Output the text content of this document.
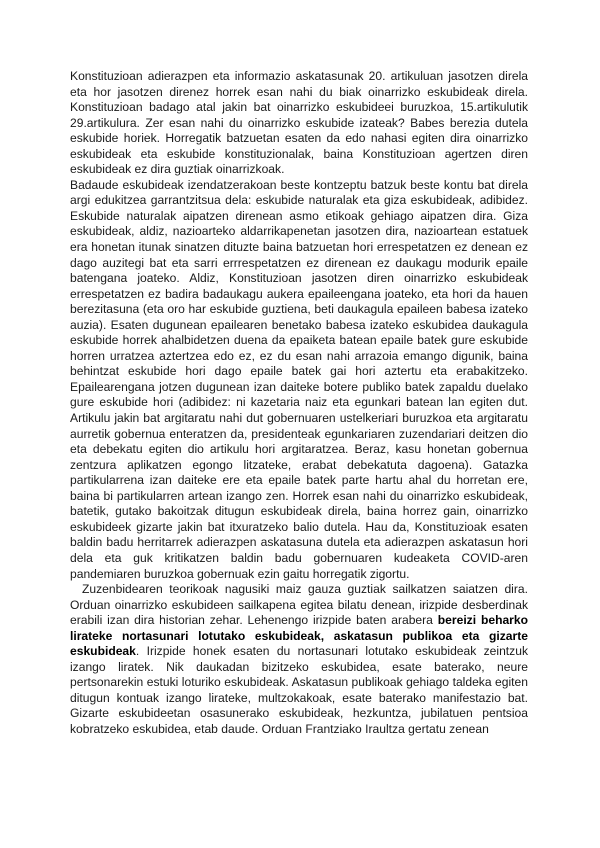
Konstituzioan adierazpen eta informazio askatasunak 20. artikuluan jasotzen direla eta hor jasotzen direnez horrek esan nahi du biak oinarrizko eskubideak direla. Konstituzioan badago atal jakin bat oinarrizko eskubideei buruzkoa, 15.artikulutik 29.artikulura. Zer esan nahi du oinarrizko eskubide izateak? Babes berezia dutela eskubide horiek. Horregatik batzuetan esaten da edo nahasi egiten dira oinarrizko eskubideak eta eskubide konstituzionalak, baina Konstituzioan agertzen diren eskubideak ez dira guztiak oinarrizkoak.

Badaude eskubideak izendatzerakoan beste kontzeptu batzuk beste kontu bat direla argi edukitzea garrantzitsua dela: eskubide naturalak eta giza eskubideak, adibidez. Eskubide naturalak aipatzen direnean asmo etikoak gehiago aipatzen dira. Giza eskubideak, aldiz, nazioarteko aldarrikapenetan jasotzen dira, nazioartean estatuek era honetan itunak sinatzen dituzte baina batzuetan hori errespetatzen ez denean ez dago auzitegi bat eta sarri errrespetatzen ez direnean ez daukagu modurik epaile batengana joateko. Aldiz, Konstituzioan jasotzen diren oinarrizko eskubideak errespetatzen ez badira badaukagu aukera epaileengana joateko, eta hori da hauen berezitasuna (eta oro har eskubide guztiena, beti daukagula epaileen babesa izateko auzia). Esaten dugunean epailearen benetako babesa izateko eskubidea daukagula eskubide horrek ahalbidetzen duena da epaiketa batean epaile batek gure eskubide horren urratzea aztertzea edo ez, ez du esan nahi arrazoia emango digunik, baina behintzat eskubide hori dago epaile batek gai hori aztertu eta erabakitzeko. Epailearengana jotzen dugunean izan daiteke botere publiko batek zapaldu duelako gure eskubide hori (adibidez: ni kazetaria naiz eta egunkari batean lan egiten dut. Artikulu jakin bat argitaratu nahi dut gobernuaren ustelkeriari buruzkoa eta argitaratu aurretik gobernua enteratzen da, presidenteak egunkariaren zuzendariari deitzen dio eta debekatu egiten dio artikulu hori argitaratzea. Beraz, kasu honetan gobernua zentzura aplikatzen egongo litzateke, erabat debekatuta dagoena). Gatazka partikularrena izan daiteke ere eta epaile batek parte hartu ahal du horretan ere, baina bi partikularren artean izango zen. Horrek esan nahi du oinarrizko eskubideak, batetik, gutako bakoitzak ditugun eskubideak direla, baina horrez gain, oinarrizko eskubideek gizarte jakin bat itxuratzeko balio dutela. Hau da, Konstituzioak esaten baldin badu herritarrek adierazpen askatasuna dutela eta adierazpen askatasun hori dela eta guk kritikatzen baldin badu gobernuaren kudeaketa COVID-aren pandemiaren buruzkoa gobernuak ezin gaitu horregatik zigortu.

Zuzenbidearen teorikoak nagusiki maiz gauza guztiak sailkatzen saiatzen dira. Orduan oinarrizko eskubideen sailkapena egitea bilatu denean, irizpide desberdinak erabili izan dira historian zehar. Lehenengo irizpide baten arabera bereizi beharko lirateke nortasunari lotutako eskubideak, askatasun publikoa eta gizarte eskubideak. Irizpide honek esaten du nortasunari lotutako eskubideak zeintzuk izango liratek. Nik daukadan bizitzeko eskubidea, esate baterako, neure pertsonarekin estuki loturiko eskubideak. Askatasun publikoak gehiago taldeka egiten ditugun kontuak izango lirateke, multzokakoak, esate baterako manifestazio bat. Gizarte eskubideetan osasunerako eskubideak, hezkuntza, jubilatuen pentsioa kobratzeko eskubidea, etab daude. Orduan Frantziako Iraultza gertatu zenean
